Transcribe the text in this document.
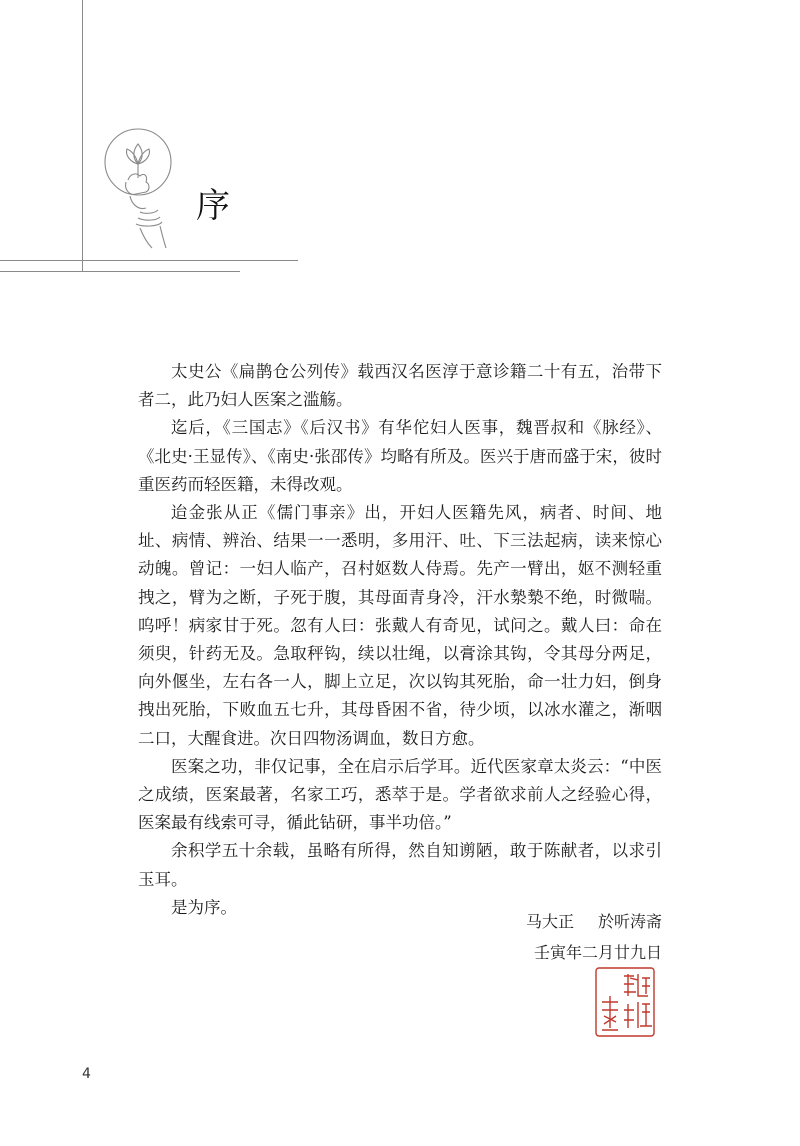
序

太史公《扁鹊仓公列传》载西汉名医淳于意诊籍二十有五，治带下者二，此乃妇人医案之滥觞。

迄后，《三国志》《后汉书》有华佗妇人医事，魏晋叔和《脉经》、《北史·王显传》、《南史·张邵传》均略有所及。医兴于唐而盛于宋，彼时重医药而轻医籍，未得改观。

迨金张从正《儒门事亲》出，开妇人医籍先风，病者、时间、地址、病情、辨治、结果一一悉明，多用汗、吐、下三法起病，读来惊心动魄。曾记：一妇人临产，召村妪数人侍焉。先产一臂出，妪不测轻重拽之，臂为之断，子死于腹，其母面青身冷，汗水漐漐不绝，时微喘。呜呼！病家甘于死。忽有人曰：张戴人有奇见，试问之。戴人曰：命在须臾，针药无及。急取秤钩，续以壮绳，以膏涂其钩，令其母分两足，向外偃坐，左右各一人，脚上立足，次以钩其死胎，命一壮力妇，倒身拽出死胎，下败血五七升，其母昏困不省，待少顷，以冰水灌之，渐咽二口，大醒食进。次日四物汤调血，数日方愈。

医案之功，非仅记事，全在启示后学耳。近代医家章太炎云：“中医之成绩，医案最著，名家工巧，悉萃于是。学者欲求前人之经验心得，医案最有线索可寻，循此钻研，事半功倍。”

余积学五十余载，虽略有所得，然自知谫陋，敢于陈献者，以求引玉耳。

是为序。

马大正 於听涛斋
壬寅年二月廿九日
4
